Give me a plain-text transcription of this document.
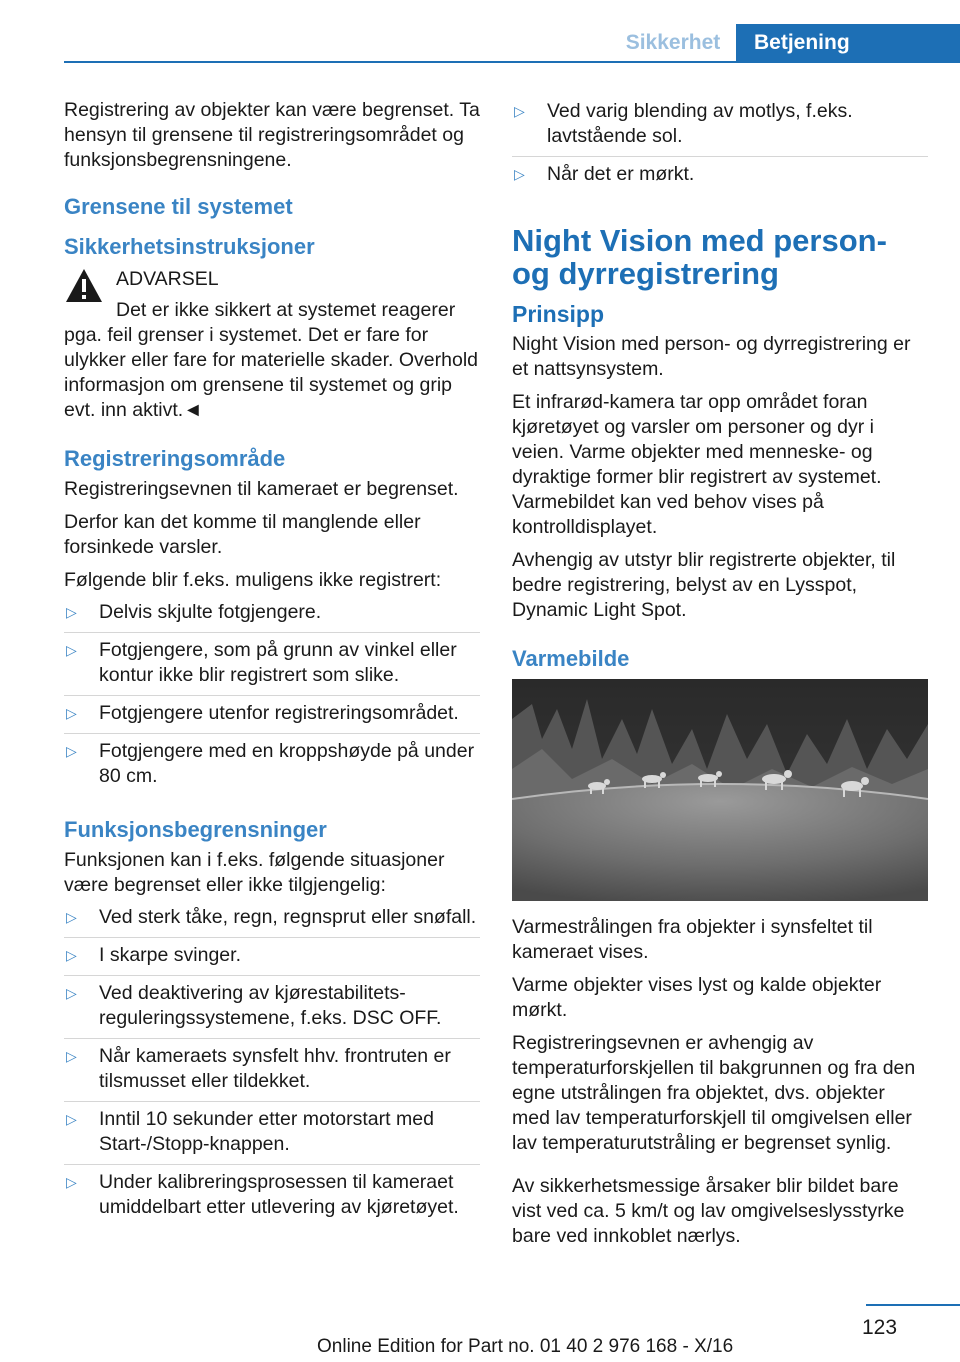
Sikkerhet	Betjening

Registrering av objekter kan være begrenset. Ta hensyn til grensene til registreringsområdet og funksjonsbegrensningene.

Grensene til systemet
Sikkerhetsinstruksjoner

ADVARSEL

Det er ikke sikkert at systemet reagerer pga. feil grenser i systemet. Det er fare for ulykker eller fare for materielle skader. Overhold informasjon om grensene til systemet og grip evt. inn aktivt.◄

Registreringsområde

Registreringsevnen til kameraet er begrenset.

Derfor kan det komme til manglende eller forsinkede varsler.

Følgende blir f.eks. muligens ikke registrert:

▷ Delvis skjulte fotgjengere.
▷ Fotgjengere, som på grunn av vinkel eller kontur ikke blir registrert som slike.
▷ Fotgjengere utenfor registreringsområdet.
▷ Fotgjengere med en kroppshøyde på under 80 cm.
Funksjonsbegrensninger

Funksjonen kan i f.eks. følgende situasjoner være begrenset eller ikke tilgjengelig:

▷ Ved sterk tåke, regn, regnsprut eller snøfall.
▷ I skarpe svinger.
▷ Ved deaktivering av kjørestabilitets-reguleringssystemene, f.eks. DSC OFF.
▷ Når kameraets synsfelt hhv. frontruten er tilsmusset eller tildekket.
▷ Inntil 10 sekunder etter motorstart med Start-/Stopp-knappen.
▷ Under kalibreringsprosessen til kameraet umiddelbart etter utlevering av kjøretøyet.
▷ Ved varig blending av motlys, f.eks. lavtstående sol.
▷ Når det er mørkt.
Night Vision med person- og dyrregistrering
Prinsipp

Night Vision med person- og dyrregistrering er et nattsynsystem.

Et infrarød-kamera tar opp området foran kjøretøyet og varsler om personer og dyr i veien. Varme objekter med menneske- og dyraktige former blir registrert av systemet. Varmebildet kan ved behov vises på kontrolldisplayet.

Avhengig av utstyr blir registrerte objekter, til bedre registrering, belyst av en Lysspot, Dynamic Light Spot.

Varmebilde

Varmestrålingen fra objekter i synsfeltet til kameraet vises.

Varme objekter vises lyst og kalde objekter mørkt.

Registreringsevnen er avhengig av temperaturforskjellen til bakgrunnen og fra den egne utstrålingen fra objektet, dvs. objekter med lav temperaturforskjell til omgivelsen eller lav temperaturutstråling er begrenset synlig.

Av sikkerhetsmessige årsaker blir bildet bare vist ved ca. 5 km/t og lav omgivelseslysstyrke bare ved innkoblet nærlys.

123
Online Edition for Part no. 01 40 2 976 168 - X/16
